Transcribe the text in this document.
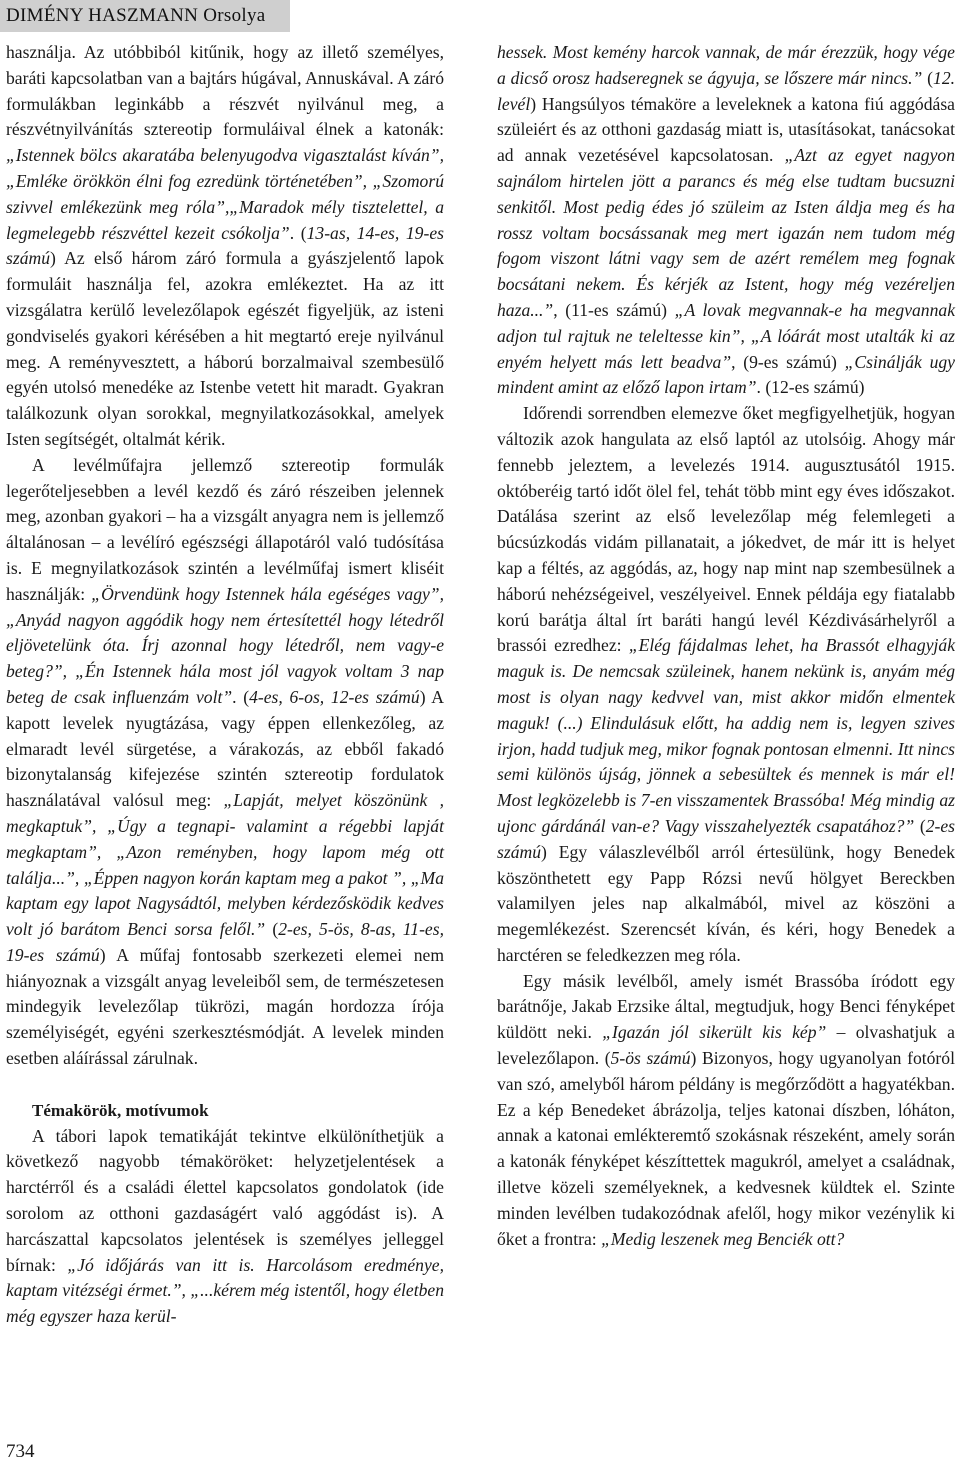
DIMÉNY HASZMANN Orsolya

használja. Az utóbbiból kitűnik, hogy az illető személyes, baráti kapcsolatban van a bajtárs húgával, Annuskával. A záró formulákban leginkább a részvét nyilvánul meg, a részvétnyilvánítás sztereotip formuláival élnek a katonák: „Istennek bölcs akaratába belenyugodva vigasztalást kíván”, „Emléke örökkön élni fog ezredünk történetében”, „Szomorú szivvel emlékezünk meg róla”,„Maradok mély tisztelettel, a legmelegebb részvéttel kezeit csókolja”. (13-as, 14-es, 19-es számú) Az első három záró formula a gyászjelentő lapok formuláit használja fel, azokra emlékeztet. Ha az itt vizsgálatra kerülő levelezőlapok egészét figyeljük, az isteni gondviselés gyakori kérésében a hit megtartó ereje nyilvánul meg. A reményvesztett, a háború borzalmaival szembesülő egyén utolsó menedéke az Istenbe vetett hit maradt. Gyakran találkozunk olyan sorokkal, megnyilatkozásokkal, amelyek Isten segítségét, oltalmát kérik.

A levélműfajra jellemző sztereotip formulák legerőteljesebben a levél kezdő és záró részeiben jelennek meg, azonban gyakori – ha a vizsgált anyagra nem is jellemző általánosan – a levélíró egészségi állapotáról való tudósítása is. E megnyilatkozások szintén a levélműfaj ismert kliséit használják: „Örvendünk hogy Istennek hála egéséges vagy”, „Anyád nagyon aggódik hogy nem értesítettél hogy létedről eljövetelünk óta. Írj azonnal hogy létedről, nem vagy-e beteg?”, „Én Istennek hála most jól vagyok voltam 3 nap beteg de csak influenzám volt”. (4-es, 6-os, 12-es számú) A kapott levelek nyugtázása, vagy éppen ellenkezőleg, az elmaradt levél sürgetése, a várakozás, az ebből fakadó bizonytalanság kifejezése szintén sztereotip fordulatok használatával valósul meg: „Lapját, melyet köszönünk , megkaptuk”, „Úgy a tegnapi- valamint a régebbi lapját megkaptam”, „Azon reményben, hogy lapom még ott találja...”, „Éppen nagyon korán kaptam meg a pakot ”, „Ma kaptam egy lapot Nagysádtól, melyben kérdezősködik kedves volt jó barátom Benci sorsa felől.” (2-es, 5-ös, 8-as, 11-es, 19-es számú) A műfaj fontosabb szerkezeti elemei nem hiányoznak a vizsgált anyag leveleiből sem, de természetesen mindegyik levelezőlap tükrözi, magán hordozza írója személyiségét, egyéni szerkesztésmódját. A levelek minden esetben aláírással zárulnak.

Témakörök, motívumok

A tábori lapok tematikáját tekintve elkülöníthetjük a következő nagyobb témaköröket: helyzetjelentések a harctérről és a családi élettel kapcsolatos gondolatok (ide sorolom az otthoni gazdaságért való aggódást is). A harcászattal kapcsolatos jelentések is személyes jelleggel bírnak: „Jó időjárás van itt is. Harcolásom eredménye, kaptam vitézségi érmet.”, „...kérem még istentől, hogy életben még egyszer haza kerül-

hessek. Most kemény harcok vannak, de már érezzük, hogy vége a dicső orosz hadseregnek se ágyuja, se lőszere már nincs.” (12. levél) Hangsúlyos témaköre a leveleknek a katona fiú aggódása szüleiért és az otthoni gazdaság miatt is, utasításokat, tanácsokat ad annak vezetésével kapcsolatosan. „Azt az egyet nagyon sajnálom hirtelen jött a parancs és még else tudtam bucsuzni senkitől. Most pedig édes jó szüleim az Isten áldja meg és ha rossz voltam bocsássanak meg mert igazán nem tudom még fogom viszont látni vagy sem de azért remélem meg fognak bocsátani nekem. És kérjék az Istent, hogy még vezéreljen haza...”, (11-es számú) „A lovak megvannak-e ha megvannak adjon tul rajtuk ne teleltesse kin”, „A lóárát most utalták ki az enyém helyett más lett beadva”, (9-es számú) „Csinálják ugy mindent amint az előző lapon irtam”. (12-es számú)

Időrendi sorrendben elemezve őket megfigyelhetjük, hogyan változik azok hangulata az első laptól az utolsóig. Ahogy már fennebb jeleztem, a levelezés 1914. augusztusától 1915. októberéig tartó időt ölel fel, tehát több mint egy éves időszakot. Datálása szerint az első levelezőlap még felemlegeti a búcsúzkodás vidám pillanatait, a jókedvet, de már itt is helyet kap a féltés, az aggódás, az, hogy nap mint nap szembesülnek a háború nehézségeivel, veszélyeivel. Ennek példája egy fiatalabb korú barátja által írt baráti hangú levél Kézdivásárhelyről a brassói ezredhez: „Elég fájdalmas lehet, ha Brassót elhagyják maguk is. De nemcsak szüleinek, hanem nekünk is, anyám még most is olyan nagy kedvvel van, mist akkor midőn elmentek maguk! (...) Elindulásuk előtt, ha addig nem is, legyen szives irjon, hadd tudjuk meg, mikor fognak pontosan elmenni. Itt nincs semi különös újság, jönnek a sebesültek és mennek is már el! Most legközelebb is 7-en visszamentek Brassóba! Még mindig az ujonc gárdánál van-e? Vagy visszahelyezték csapatához?” (2-es számú) Egy válaszlevélből arról értesülünk, hogy Benedek köszönthetett egy Papp Rózsi nevű hölgyet Bereckben valamilyen jeles nap alkalmából, mivel az köszöni a megemlékezést. Szerencsét kíván, és kéri, hogy Benedek a harctéren se feledkezzen meg róla.

Egy másik levélből, amely ismét Brassóba íródott egy barátnője, Jakab Erzsike által, megtudjuk, hogy Benci fényképet küldött neki. „Igazán jól sikerült kis kép” – olvashatjuk a levelezőlapon. (5-ös számú) Bizonyos, hogy ugyanolyan fotóról van szó, amelyből három példány is megőrződött a hagyatékban. Ez a kép Benedeket ábrázolja, teljes katonai díszben, lóháton, annak a katonai emlékteremtő szokásnak részeként, amely során a katonák fényképet készíttettek magukról, amelyet a családnak, illetve közeli személyeknek, a kedvesnek küldtek el. Szinte minden levélben tudakozódnak afelől, hogy mikor vezénylik ki őket a frontra: „Medig leszenek meg Benciék ott?

734
